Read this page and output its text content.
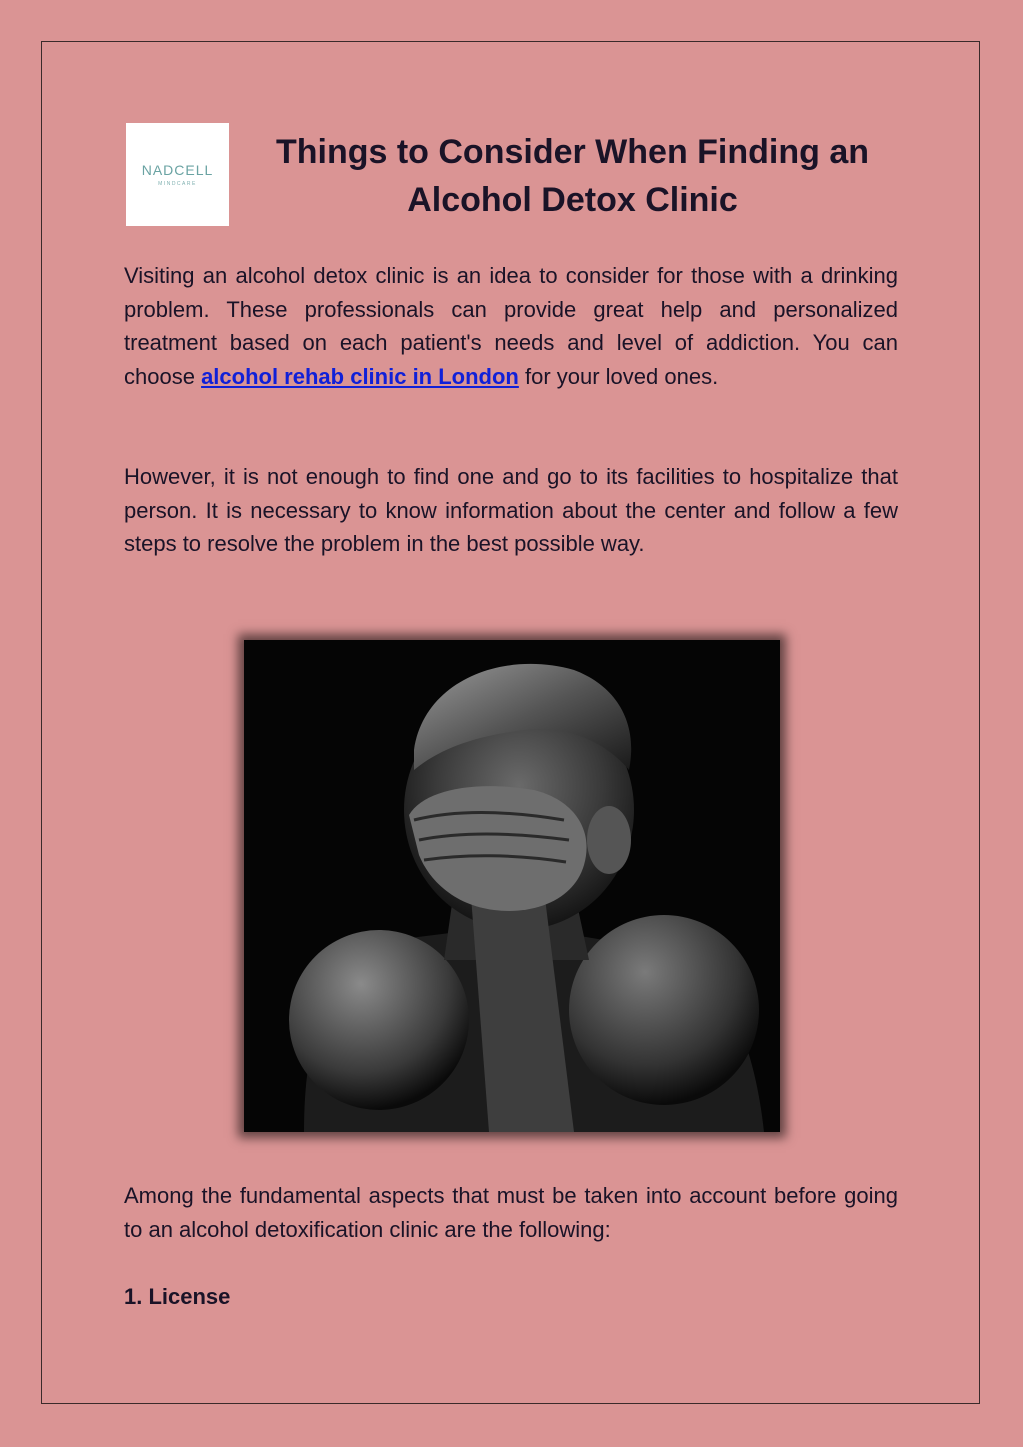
NADCELL
MINDCARE
Things to Consider When Finding an Alcohol Detox Clinic

Visiting an alcohol detox clinic is an idea to consider for those with a drinking problem. These professionals can provide great help and personalized treatment based on each patient's needs and level of addiction. You can choose alcohol rehab clinic in London for your loved ones.

However, it is not enough to find one and go to its facilities to hospitalize that person. It is necessary to know information about the center and follow a few steps to resolve the problem in the best possible way.

Among the fundamental aspects that must be taken into account before going to an alcohol detoxification clinic are the following:

1. License
